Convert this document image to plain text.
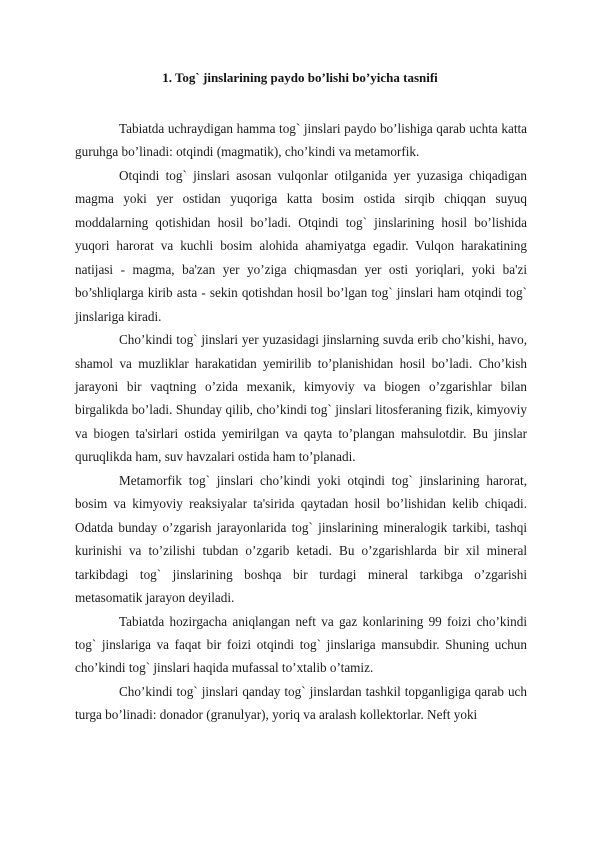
1. Tog` jinslarining paydo bo’lishi bo’yicha tasnifi

Tabiatda uchraydigan hamma tog` jinslari paydo bo’lishiga qarab uchta katta guruhga bo’linadi: otqindi (magmatik), cho’kindi va metamorfik.

Otqindi tog` jinslari asosan vulqonlar otilganida yer yuzasiga chiqadigan magma yoki yer ostidan yuqoriga katta bosim ostida sirqib chiqqan suyuq moddalarning qotishidan hosil bo’ladi. Otqindi tog` jinslarining hosil bo’lishida yuqori harorat va kuchli bosim alohida ahamiyatga egadir. Vulqon harakatining natijasi - magma, ba'zan yer yo’ziga chiqmasdan yer osti yoriqlari, yoki ba'zi bo’shliqlarga kirib asta - sekin qotishdan hosil bo’lgan tog` jinslari ham otqindi tog` jinslariga kiradi.

Cho’kindi tog` jinslari yer yuzasidagi jinslarning suvda erib cho’kishi, havo, shamol va muzliklar harakatidan yemirilib to’planishidan hosil bo’ladi. Cho’kish jarayoni bir vaqtning o’zida mexanik, kimyoviy va biogen o’zgarishlar bilan birgalikda bo’ladi. Shunday qilib, cho’kindi tog` jinslari litosferaning fizik, kimyoviy va biogen ta'sirlari ostida yemirilgan va qayta to’plangan mahsulotdir. Bu jinslar quruqlikda ham, suv havzalari ostida ham to’planadi.

Metamorfik tog` jinslari cho’kindi yoki otqindi tog` jinslarining harorat, bosim va kimyoviy reaksiyalar ta'sirida qaytadan hosil bo’lishidan kelib chiqadi. Odatda bunday o’zgarish jarayonlarida tog` jinslarining mineralogik tarkibi, tashqi kurinishi va to’zilishi tubdan o’zgarib ketadi. Bu o’zgarishlarda bir xil mineral tarkibdagi tog` jinslarining boshqa bir turdagi mineral tarkibga o’zgarishi metasomatik jarayon deyiladi.

Tabiatda hozirgacha aniqlangan neft va gaz konlarining 99 foizi cho’kindi tog` jinslariga va faqat bir foizi otqindi tog` jinslariga mansubdir. Shuning uchun cho’kindi tog` jinslari haqida mufassal to’xtalib o’tamiz.

Cho’kindi tog` jinslari qanday tog` jinslardan tashkil topganligiga qarab uch turga bo’linadi: donador (granulyar), yoriq va aralash kollektorlar. Neft yoki
